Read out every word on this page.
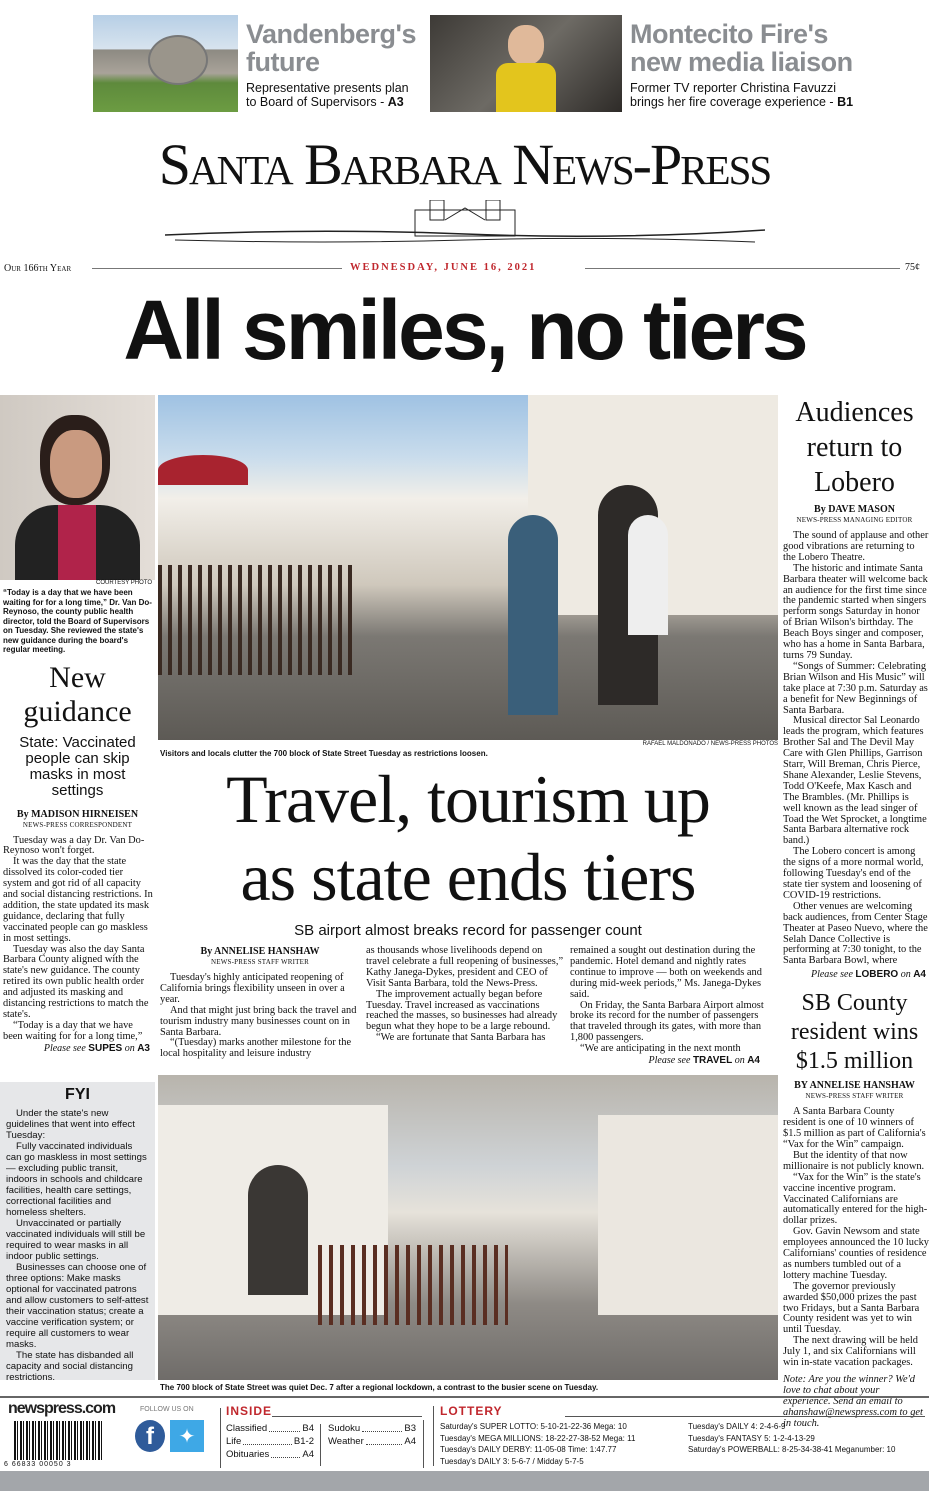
Vandenberg's
future
Representative presents plan
to Board of Supervisors - A3
Montecito Fire's
new media liaison
Former TV reporter Christina Favuzzi
brings her fire coverage experience - B1
Santa Barbara News-Press
Our 166th Year	WEDNESDAY, JUNE 16, 2021	75¢
All smiles, no tiers
COURTESY PHOTO
“Today is a day that we have been waiting for for a long time,” Dr. Van Do-Reynoso, the county public health director, told the Board of Supervisors on Tuesday. She reviewed the state's new guidance during the board's regular meeting.
New guidance
State: Vaccinated people can skip masks in most settings
By MADISON HIRNEISEN
NEWS-PRESS CORRESPONDENT

Tuesday was a day Dr. Van Do-Reynoso won't forget.

It was the day that the state dissolved its color-coded tier system and got rid of all capacity and social distancing restrictions. In addition, the state updated its mask guidance, declaring that fully vaccinated people can go maskless in most settings.

Tuesday was also the day Santa Barbara County aligned with the state's new guidance. The county retired its own public health order and adjusted its masking and distancing restrictions to match the state's.

“Today is a day that we have been waiting for for a long time,”

Please see SUPES on A3
FYI

Under the state's new guidelines that went into effect Tuesday:

Fully vaccinated individuals can go maskless in most settings — excluding public transit, indoors in schools and childcare facilities, health care settings, correctional facilities and homeless shelters.

Unvaccinated or partially vaccinated individuals will still be required to wear masks in all indoor public settings.

Businesses can choose one of three options: Make masks optional for vaccinated patrons and allow customers to self-attest their vaccination status; create a vaccine verification system; or require all customers to wear masks.

The state has disbanded all capacity and social distancing restrictions.

RAFAEL MALDONADO / NEWS-PRESS PHOTOS
Visitors and locals clutter the 700 block of State Street Tuesday as restrictions loosen.
Travel, tourism up
as state ends tiers
SB airport almost breaks record for passenger count
By ANNELISE HANSHAW
NEWS-PRESS STAFF WRITER

Tuesday's highly anticipated reopening of California brings flexibility unseen in over a year.

And that might just bring back the travel and tourism industry many businesses count on in Santa Barbara.

“(Tuesday) marks another milestone for the local hospitality and leisure industry

as thousands whose livelihoods depend on travel celebrate a full reopening of businesses,” Kathy Janega-Dykes, president and CEO of Visit Santa Barbara, told the News-Press.

The improvement actually began before Tuesday. Travel increased as vaccinations reached the masses, so businesses had already begun what they hope to be a large rebound.

“We are fortunate that Santa Barbara has

remained a sought out destination during the pandemic. Hotel demand and nightly rates continue to improve — both on weekends and during mid-week periods,” Ms. Janega-Dykes said.

On Friday, the Santa Barbara Airport almost broke its record for the number of passengers that traveled through its gates, with more than 1,800 passengers.

“We are anticipating in the next month

Please see TRAVEL on A4
The 700 block of State Street was quiet Dec. 7 after a regional lockdown, a contrast to the busier scene on Tuesday.
Audiences return to Lobero
By DAVE MASON
NEWS-PRESS MANAGING EDITOR

The sound of applause and other good vibrations are returning to the Lobero Theatre.

The historic and intimate Santa Barbara theater will welcome back an audience for the first time since the pandemic started when singers perform songs Saturday in honor of Brian Wilson's birthday. The Beach Boys singer and composer, who has a home in Santa Barbara, turns 79 Sunday.

“Songs of Summer: Celebrating Brian Wilson and His Music” will take place at 7:30 p.m. Saturday as a benefit for New Beginnings of Santa Barbara.

Musical director Sal Leonardo leads the program, which features Brother Sal and The Devil May Care with Glen Phillips, Garrison Starr, Will Breman, Chris Pierce, Shane Alexander, Leslie Stevens, Todd O'Keefe, Max Kasch and The Brambles. (Mr. Phillips is well known as the lead singer of Toad the Wet Sprocket, a longtime Santa Barbara alternative rock band.)

The Lobero concert is among the signs of a more normal world, following Tuesday's end of the state tier system and loosening of COVID-19 restrictions.

Other venues are welcoming back audiences, from Center Stage Theater at Paseo Nuevo, where the Selah Dance Collective is performing at 7:30 tonight, to the Santa Barbara Bowl, where

Please see LOBERO on A4
SB County resident wins $1.5 million
BY ANNELISE HANSHAW
NEWS-PRESS STAFF WRITER

A Santa Barbara County resident is one of 10 winners of $1.5 million as part of California's “Vax for the Win” campaign.

But the identity of that now millionaire is not publicly known.

“Vax for the Win” is the state's vaccine incentive program. Vaccinated Californians are automatically entered for the high-dollar prizes.

Gov. Gavin Newsom and state employees announced the 10 lucky Californians' counties of residence as numbers tumbled out of a lottery machine Tuesday.

The governor previously awarded $50,000 prizes the past two Fridays, but a Santa Barbara County resident was yet to win until Tuesday.

The next drawing will be held July 1, and six Californians will win in-state vacation packages.

Note: Are you the winner? We'd love to chat about your experience. Send an email to ahanshaw@newspress.com to get in touch.

newspress.com
6 66833 00050 3
FOLLOW US ON
f	✦
INSIDE
Classified	B4
Life	B1-2
Obituaries	A4
Sudoku	B3
Weather	A4
LOTTERY
Saturday's SUPER LOTTO: 5-10-21-22-36 Mega: 10
Tuesday's MEGA MILLIONS: 18-22-27-38-52 Mega: 11
Tuesday's DAILY DERBY: 11-05-08 Time: 1:47.77
Tuesday's DAILY 3: 5-6-7 / Midday 5-7-5
Tuesday's DAILY 4: 2-4-6-9
Tuesday's FANTASY 5: 1-2-4-13-29
Saturday's POWERBALL: 8-25-34-38-41 Meganumber: 10
